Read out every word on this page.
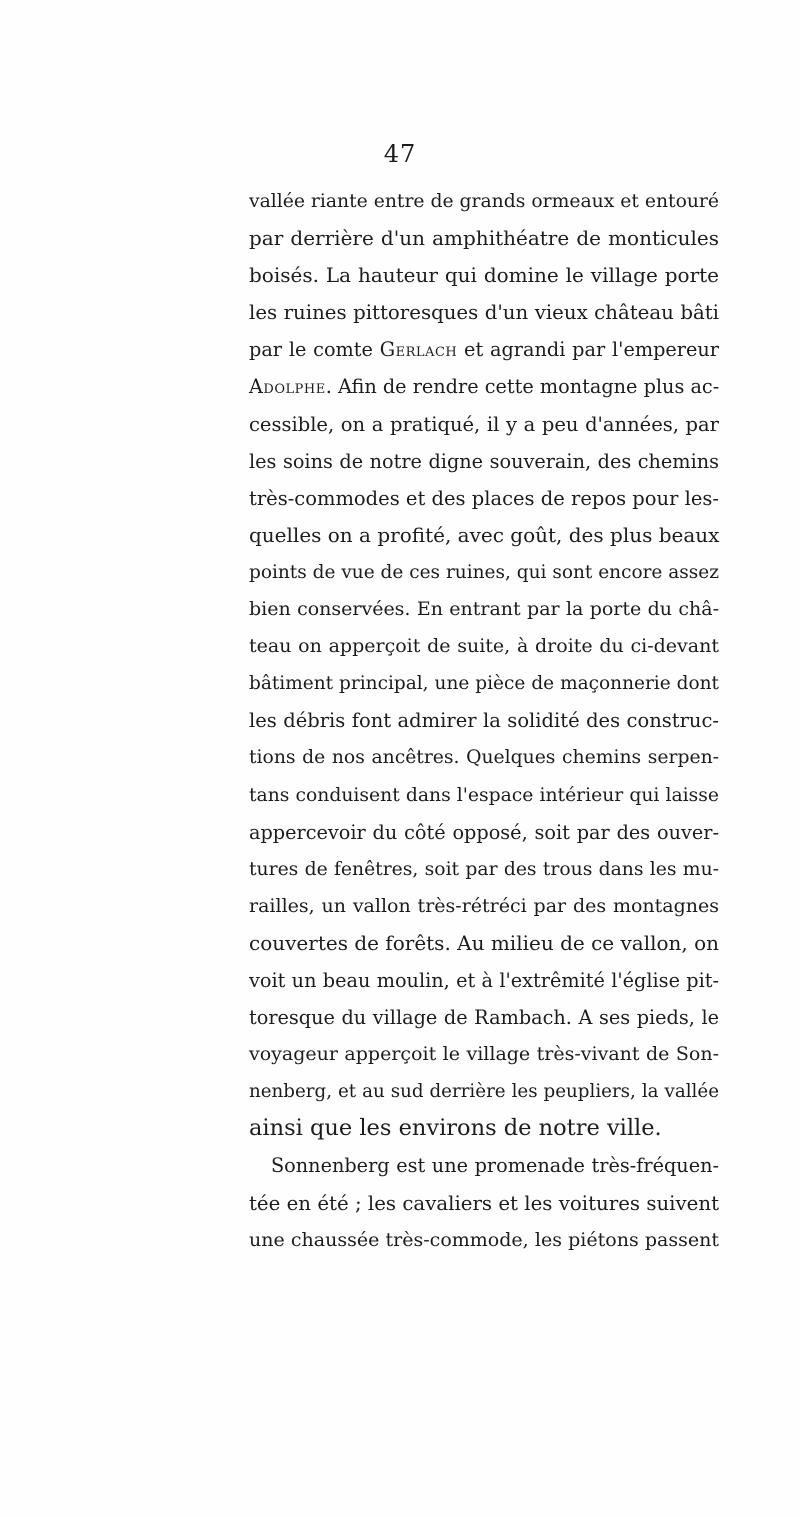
47
vallée riante entre de grands ormeaux et entouré
par derrière d'un amphithéatre de monticules
boisés. La hauteur qui domine le village porte
les ruines pittoresques d'un vieux château bâti
par le comte Gerlach et agrandi par l'empereur
Adolphe. Afin de rendre cette montagne plus ac-
cessible, on a pratiqué, il y a peu d'années, par
les soins de notre digne souverain, des chemins
très-commodes et des places de repos pour les-
quelles on a profité, avec goût, des plus beaux
points de vue de ces ruines, qui sont encore assez
bien conservées. En entrant par la porte du châ-
teau on apperçoit de suite, à droite du ci-devant
bâtiment principal, une pièce de maçonnerie dont
les débris font admirer la solidité des construc-
tions de nos ancêtres. Quelques chemins serpen-
tans conduisent dans l'espace intérieur qui laisse
appercevoir du côté opposé, soit par des ouver-
tures de fenêtres, soit par des trous dans les mu-
railles, un vallon très-rétréci par des montagnes
couvertes de forêts. Au milieu de ce vallon, on
voit un beau moulin, et à l'extrêmité l'église pit-
toresque du village de Rambach. A ses pieds, le
voyageur apperçoit le village très-vivant de Son-
nenberg, et au sud derrière les peupliers, la vallée
ainsi que les environs de notre ville.
Sonnenberg est une promenade très-fréquen-
tée en été ; les cavaliers et les voitures suivent
une chaussée très-commode, les piétons passent
